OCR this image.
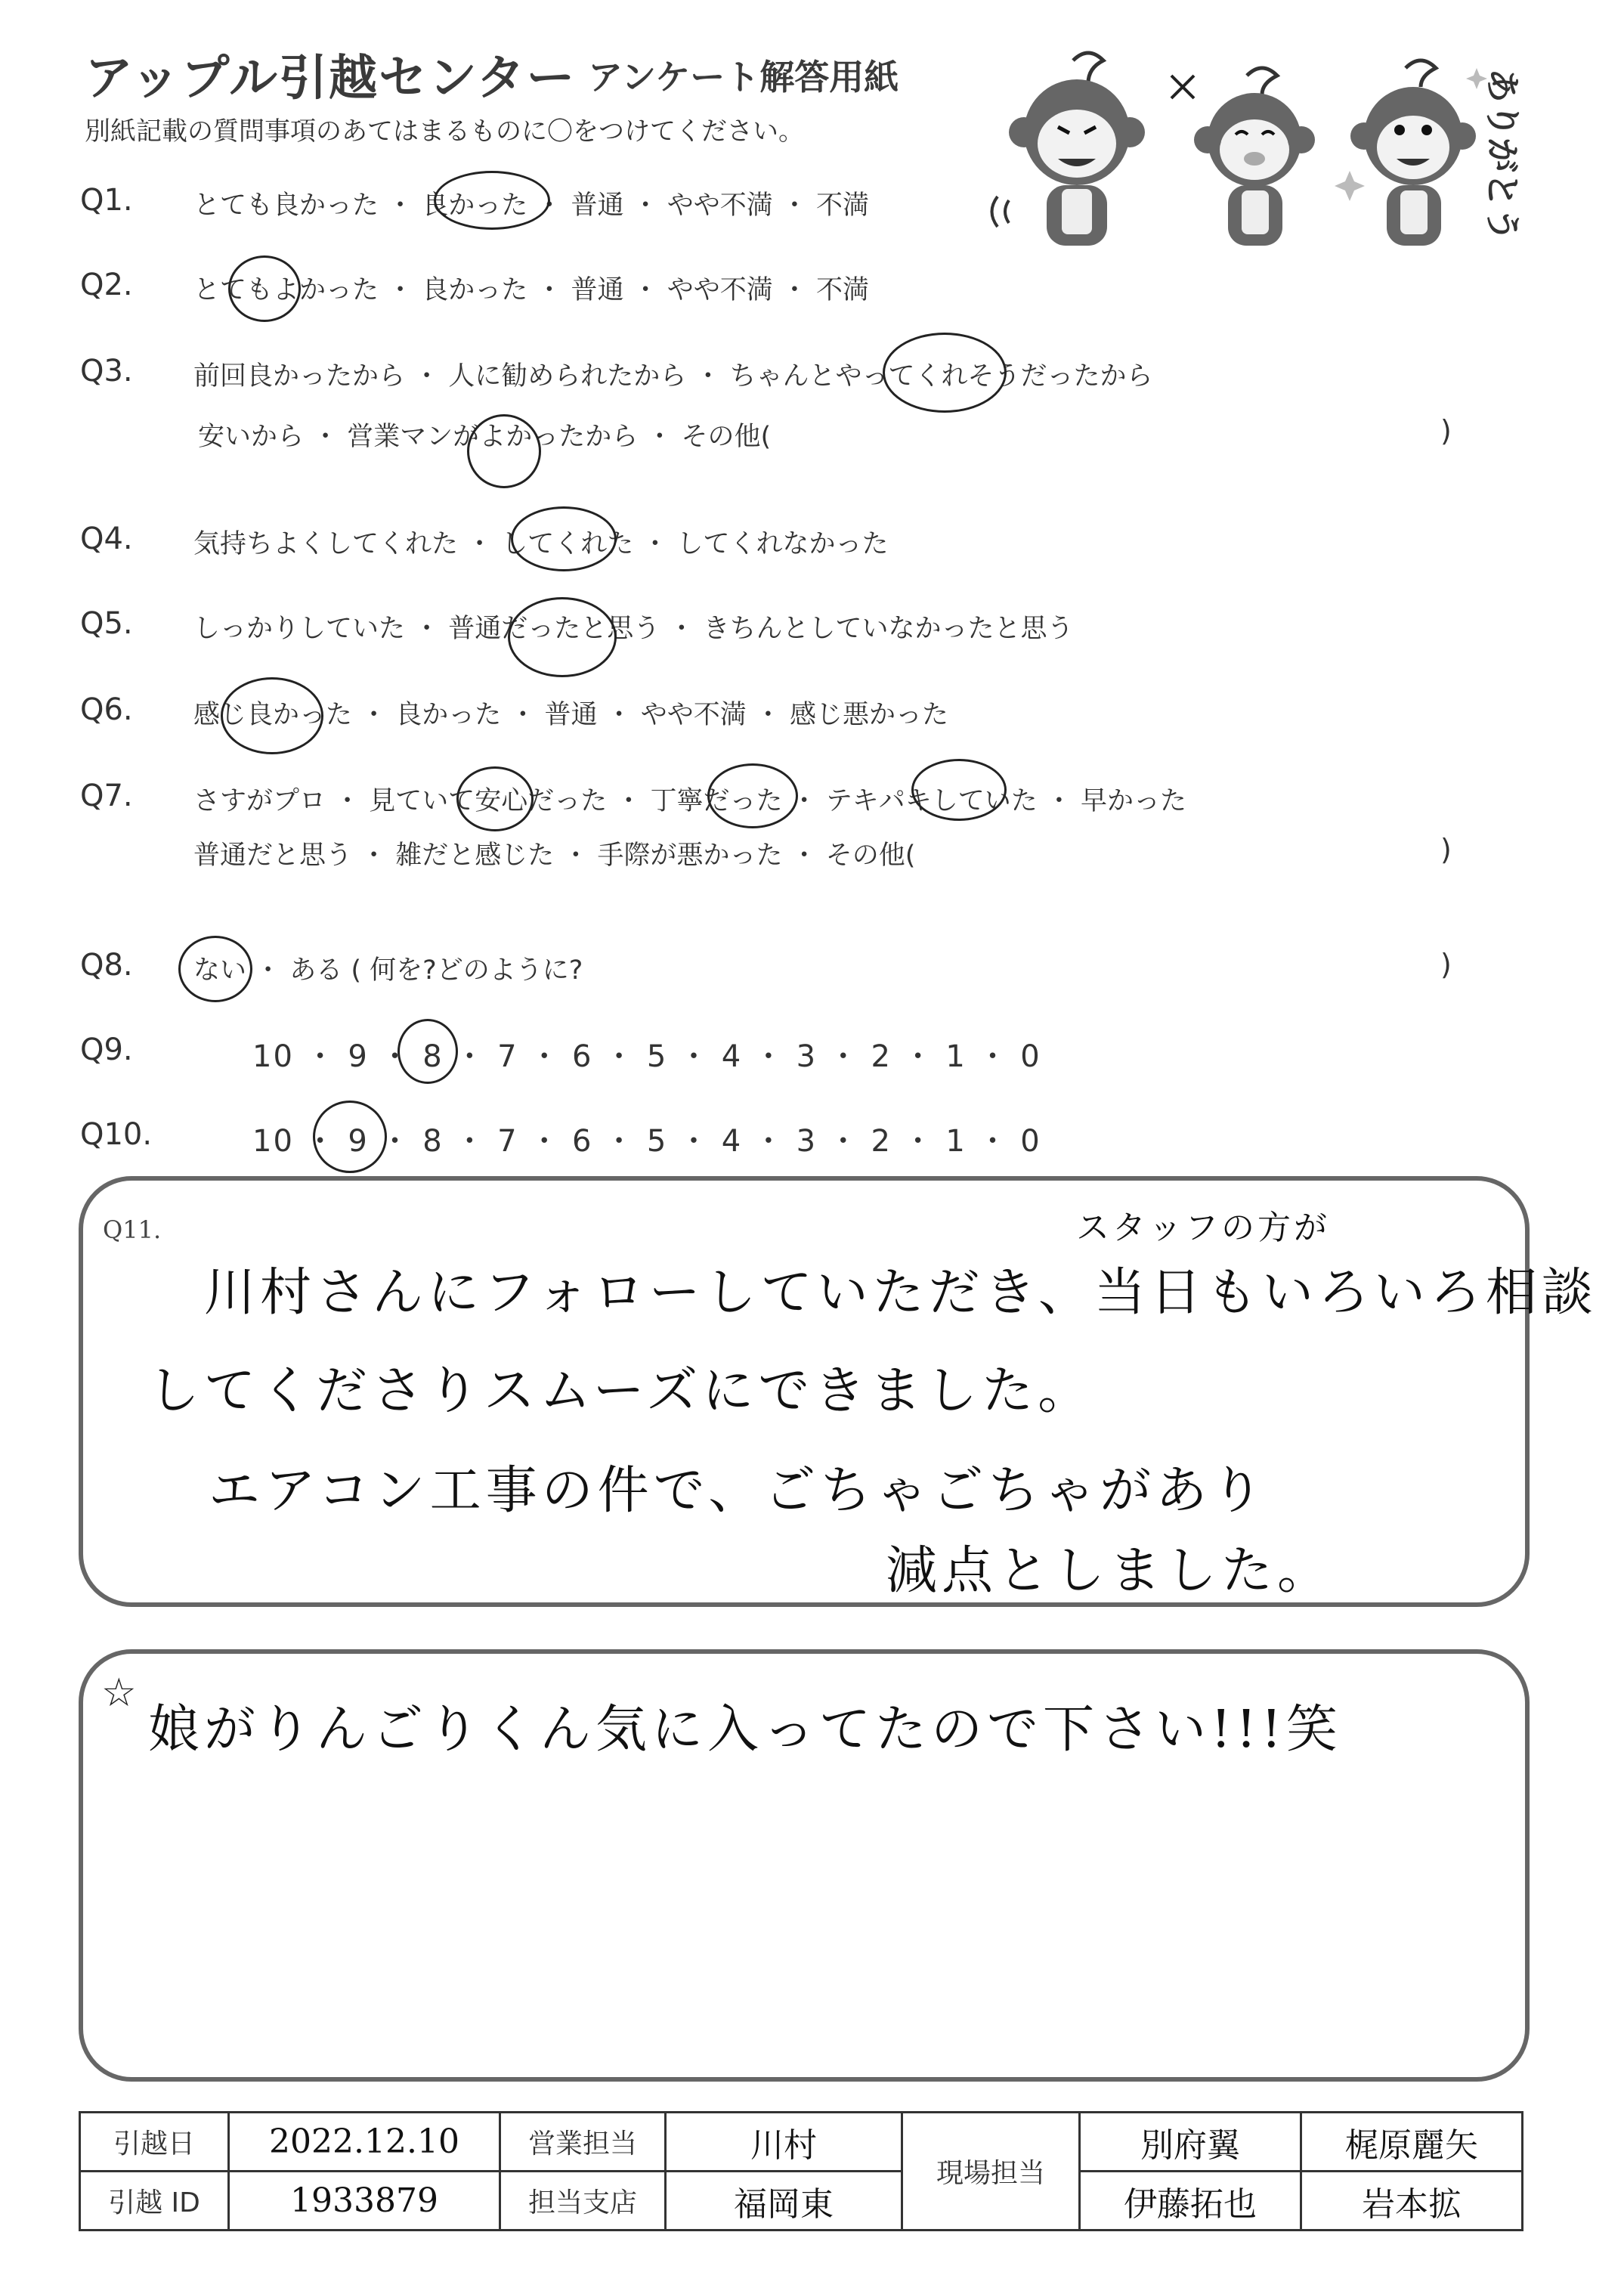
アップル引越センター アンケート解答用紙
別紙記載の質問事項のあてはまるものに〇をつけてください。	ありがとう
Q1. とても良かった ・ 良かった ・ 普通 ・ やや不満 ・ 不満
Q2. とてもよかった ・ 良かった ・ 普通 ・ やや不満 ・ 不満
Q3. 前回良かったから ・ 人に勧められたから ・ ちゃんとやってくれそうだったから
安いから ・ 営業マンがよかったから ・ その他(	)
Q4. 気持ちよくしてくれた ・ してくれた ・ してくれなかった
Q5. しっかりしていた ・ 普通だったと思う ・ きちんとしていなかったと思う
Q6. 感じ良かった ・ 良かった ・ 普通 ・ やや不満 ・ 感じ悪かった
Q7. さすがプロ ・ 見ていて安心だった ・ 丁寧だった ・ テキパキしていた ・ 早かった
普通だと思う ・ 雑だと感じた ・ 手際が悪かった ・ その他(	)
Q8. ない ・ ある ( 何を?どのように?	)
Q9.	10 ・ 9 ・ 8 ・ 7 ・ 6 ・ 5 ・ 4 ・ 3 ・ 2 ・ 1 ・ 0
Q10.	10 ・ 9 ・ 8 ・ 7 ・ 6 ・ 5 ・ 4 ・ 3 ・ 2 ・ 1 ・ 0
Q11.	スタッフの方が
川村さんにフォローしていただき、当日もいろいろ相談
してくださりスムーズにできました。
エアコン工事の件で、ごちゃごちゃがあり
減点としました。
☆
娘がりんごりくん気に入ってたので下さい!!!笑
引越日	2022.12.10	営業担当	川村	現場担当	別府翼	梶原麗矢
引越 ID	1933879	担当支店	福岡東		伊藤拓也	岩本拡
